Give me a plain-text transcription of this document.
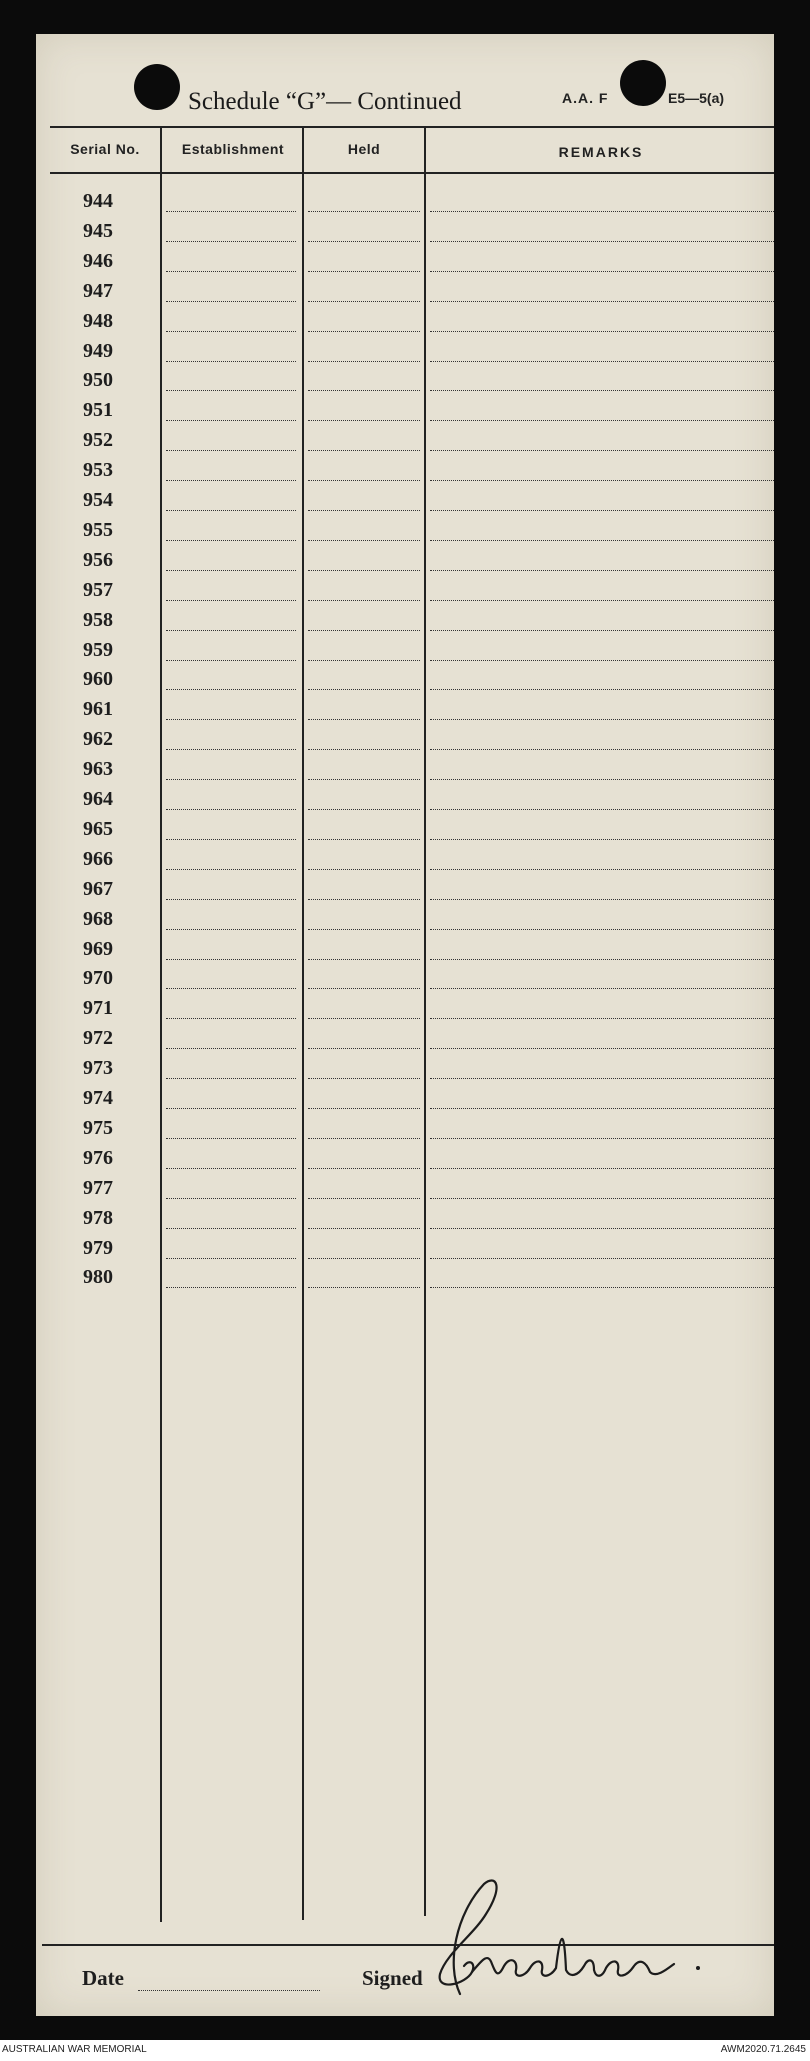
Schedule “G”— Continued	A.A. F	E5—5(a)
Serial No.	Establishment	Held	REMARKS
944
945
946
947
948
949
950
951
952
953
954
955
956
957
958
959
960
961
962
963
964
965
966
967
968
969
970
971
972
973
974
975
976
977
978
979
980
Date	Signed
AUSTRALIAN WAR MEMORIAL	AWM2020.71.2645
